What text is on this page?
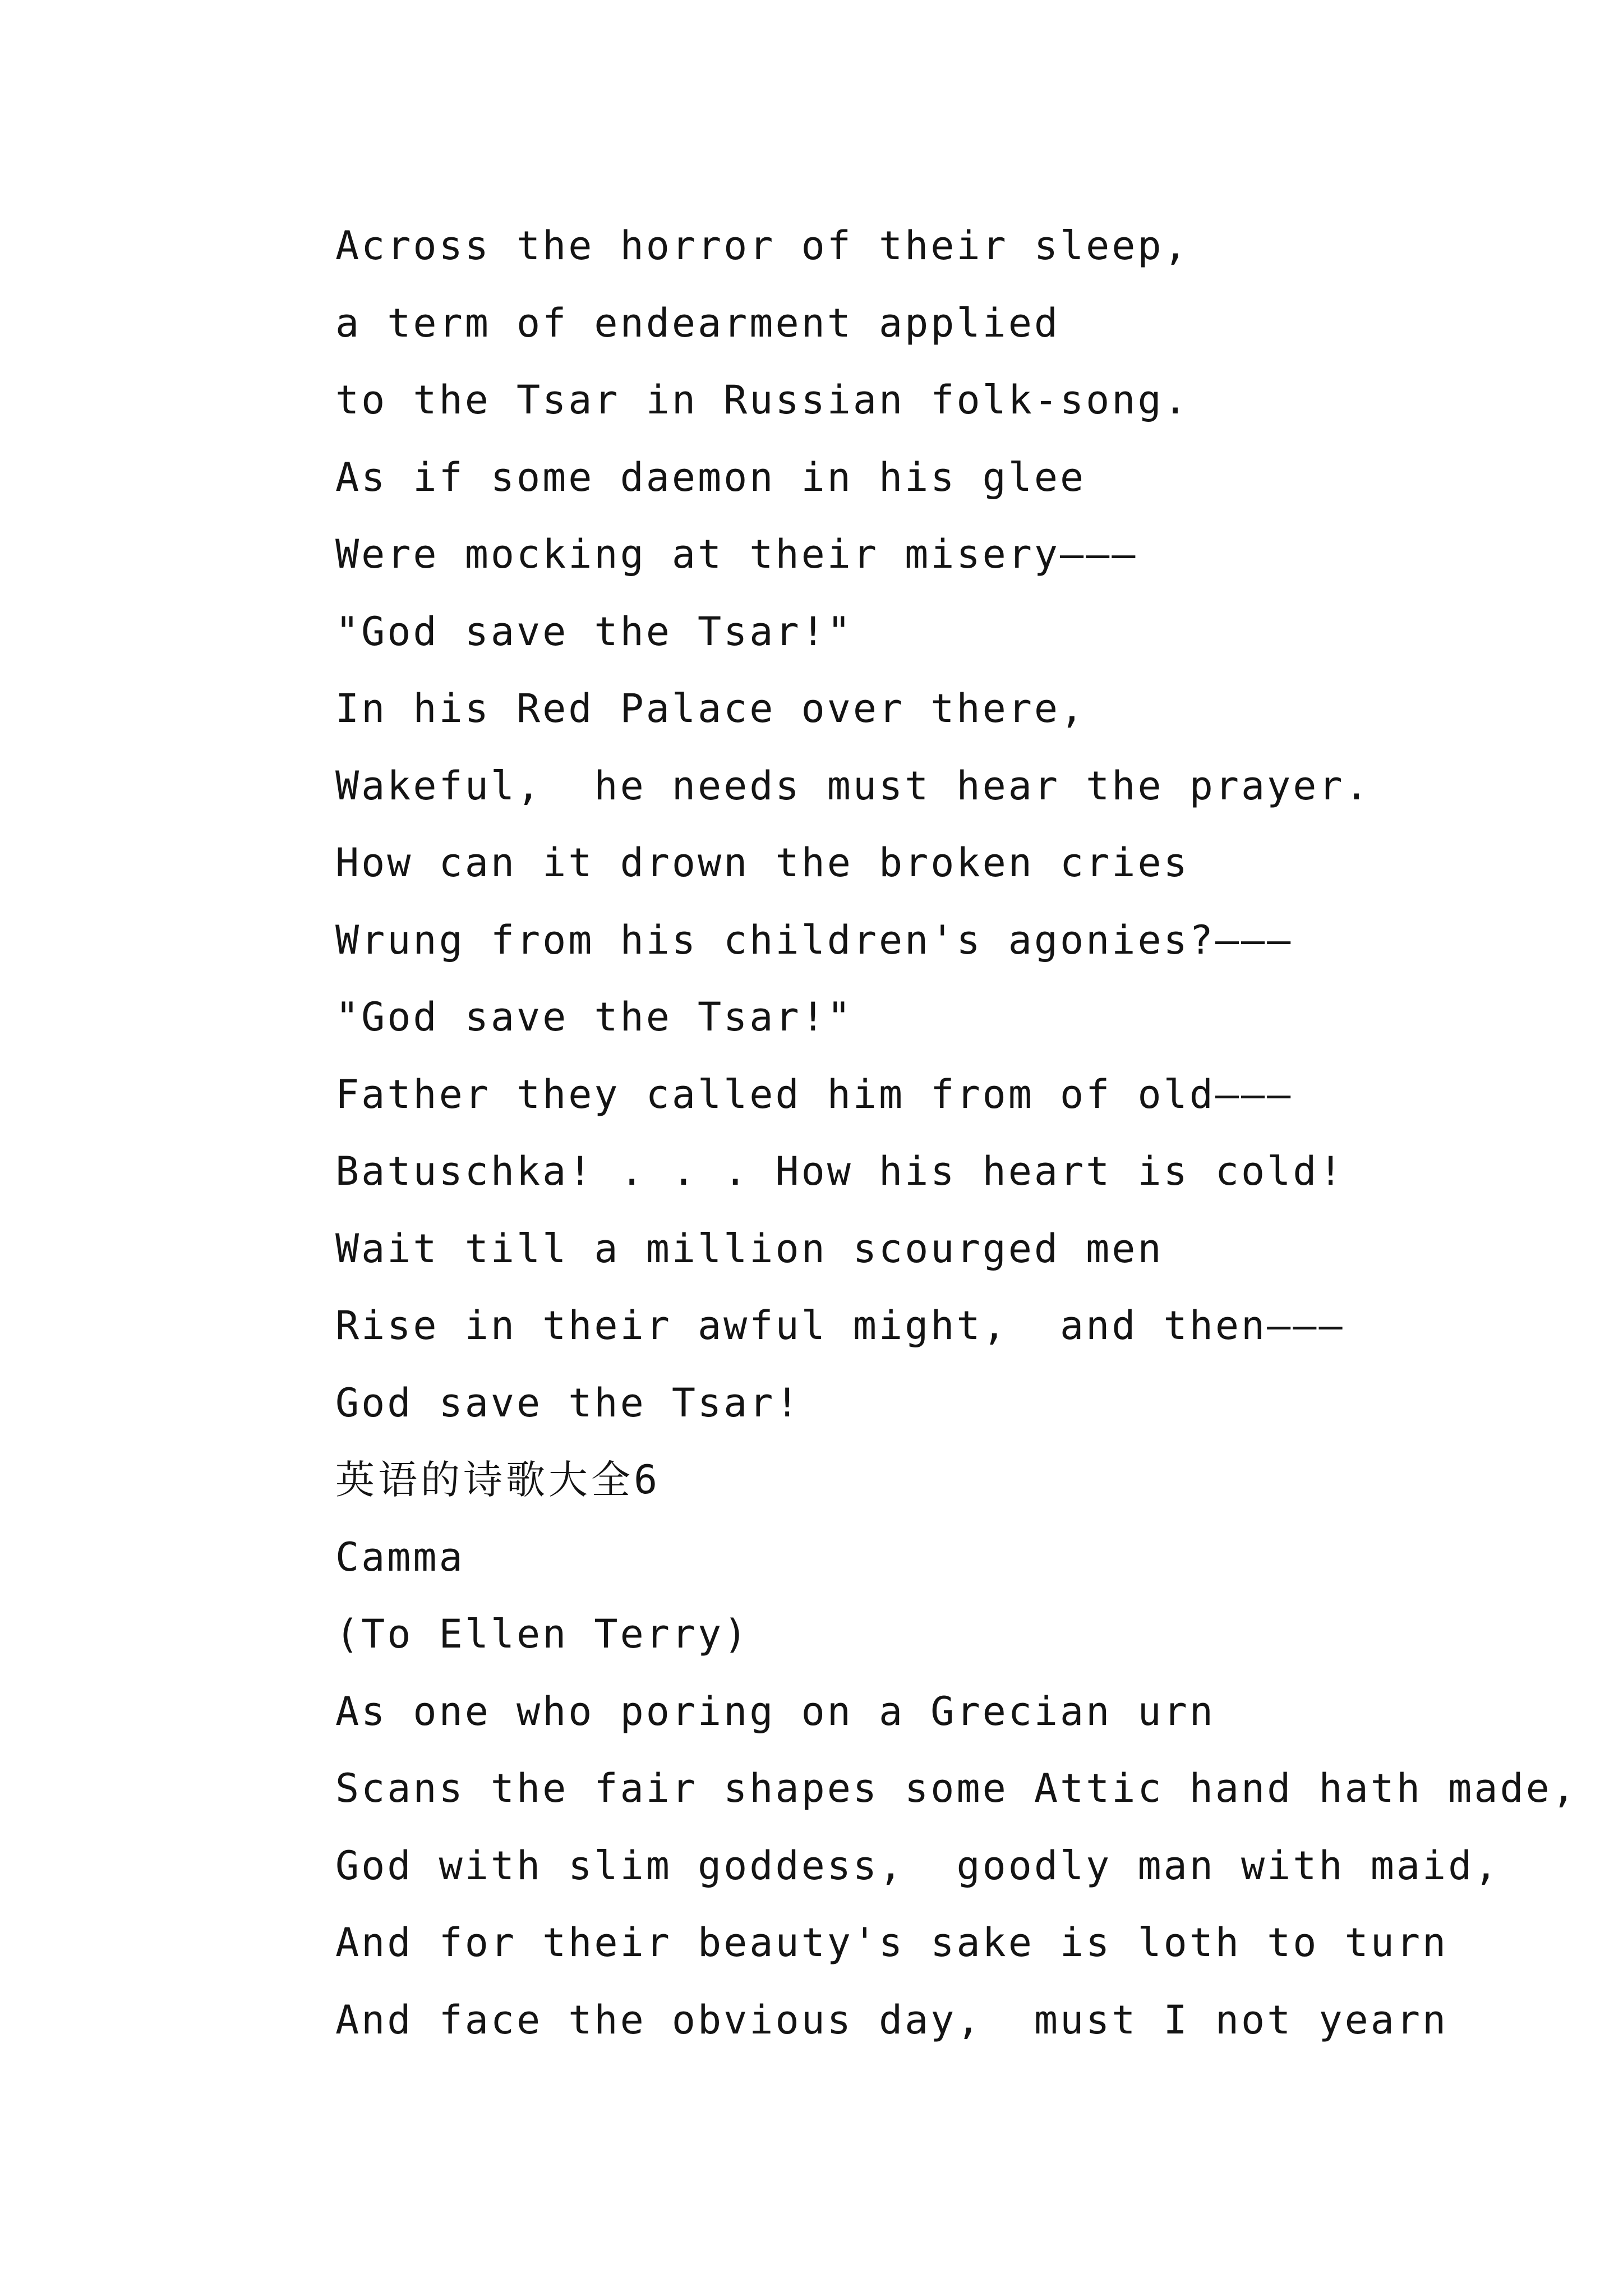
Across the horror of their sleep,
a term of endearment applied
to the Tsar in Russian folk-song.
As if some daemon in his glee
Were mocking at their misery———
"God save the Tsar!"
In his Red Palace over there,
Wakeful,  he needs must hear the prayer.
How can it drown the broken cries
Wrung from his children's agonies?———
"God save the Tsar!"
Father they called him from of old———
Batuschka! . . . How his heart is cold!
Wait till a million scourged men
Rise in their awful might,  and then———
God save the Tsar!
英语的诗歌大全6
Camma
(To Ellen Terry)
As one who poring on a Grecian urn
Scans the fair shapes some Attic hand hath made,
God with slim goddess,  goodly man with maid,
And for their beauty's sake is loth to turn
And face the obvious day,  must I not yearn
